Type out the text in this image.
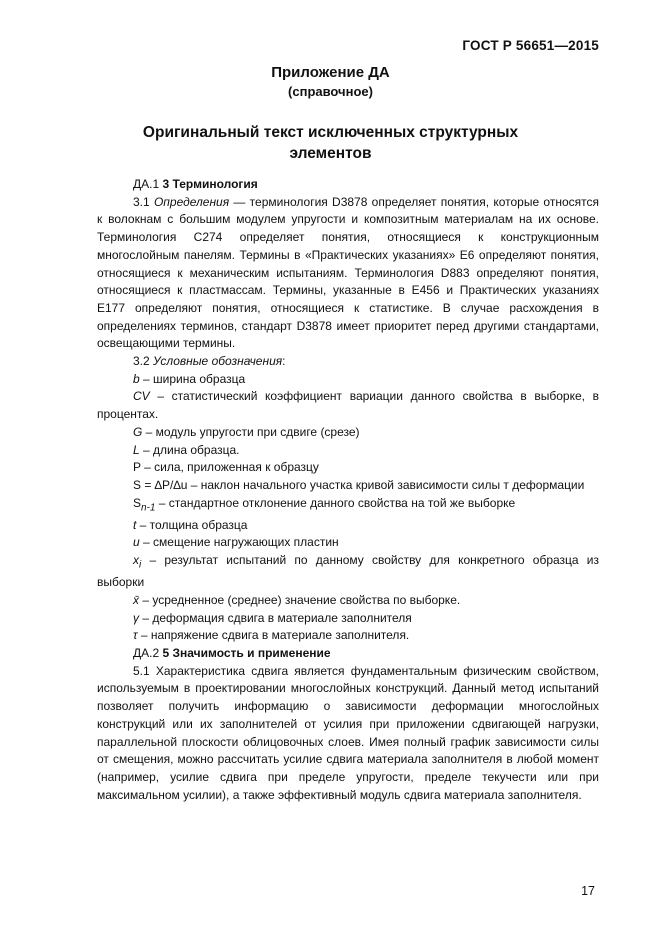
ГОСТ Р 56651—2015
Приложение ДА
(справочное)
Оригинальный текст исключенных структурных
элементов

ДА.1 3 Терминология

3.1 Определения — терминология D3878 определяет понятия, которые относятся к волокнам с большим модулем упругости и композитным материалам на их основе. Терминология C274 определяет понятия, относящиеся к конструкционным многослойным панелям. Термины в «Практических указаниях» E6 определяют понятия, относящиеся к механическим испытаниям. Терминология D883 определяют понятия, относящиеся к пластмассам. Термины, указанные в E456 и Практических указаниях E177 определяют понятия, относящиеся к статистике. В случае расхождения в определениях терминов, стандарт D3878 имеет приоритет перед другими стандартами, освещающими термины.

3.2 Условные обозначения:

b – ширина образца

CV – статистический коэффициент вариации данного свойства в выборке, в процентах.

G – модуль упругости при сдвиге (срезе)

L – длина образца.

P – сила, приложенная к образцу

S = ∆P/∆u – наклон начального участка кривой зависимости силы т деформации

$S_{n-1}$ – стандартное отклонение данного свойства на той же выборке

t – толщина образца

u – смещение нагружающих пластин

$x_i$ – результат испытаний по данному свойству для конкретного образца из выборки

x̄ – усредненное (среднее) значение свойства по выборке.

γ – деформация сдвига в материале заполнителя

τ – напряжение сдвига в материале заполнителя.

ДА.2 5 Значимость и применение

5.1 Характеристика сдвига является фундаментальным физическим свойством, используемым в проектировании многослойных конструкций. Данный метод испытаний позволяет получить информацию о зависимости деформации многослойных конструкций или их заполнителей от усилия при приложении сдвигающей нагрузки, параллельной плоскости облицовочных слоев. Имея полный график зависимости силы от смещения, можно рассчитать усилие сдвига материала заполнителя в любой момент (например, усилие сдвига при пределе упругости, пределе текучести или при максимальном усилии), а также эффективный модуль сдвига материала заполнителя.

17
